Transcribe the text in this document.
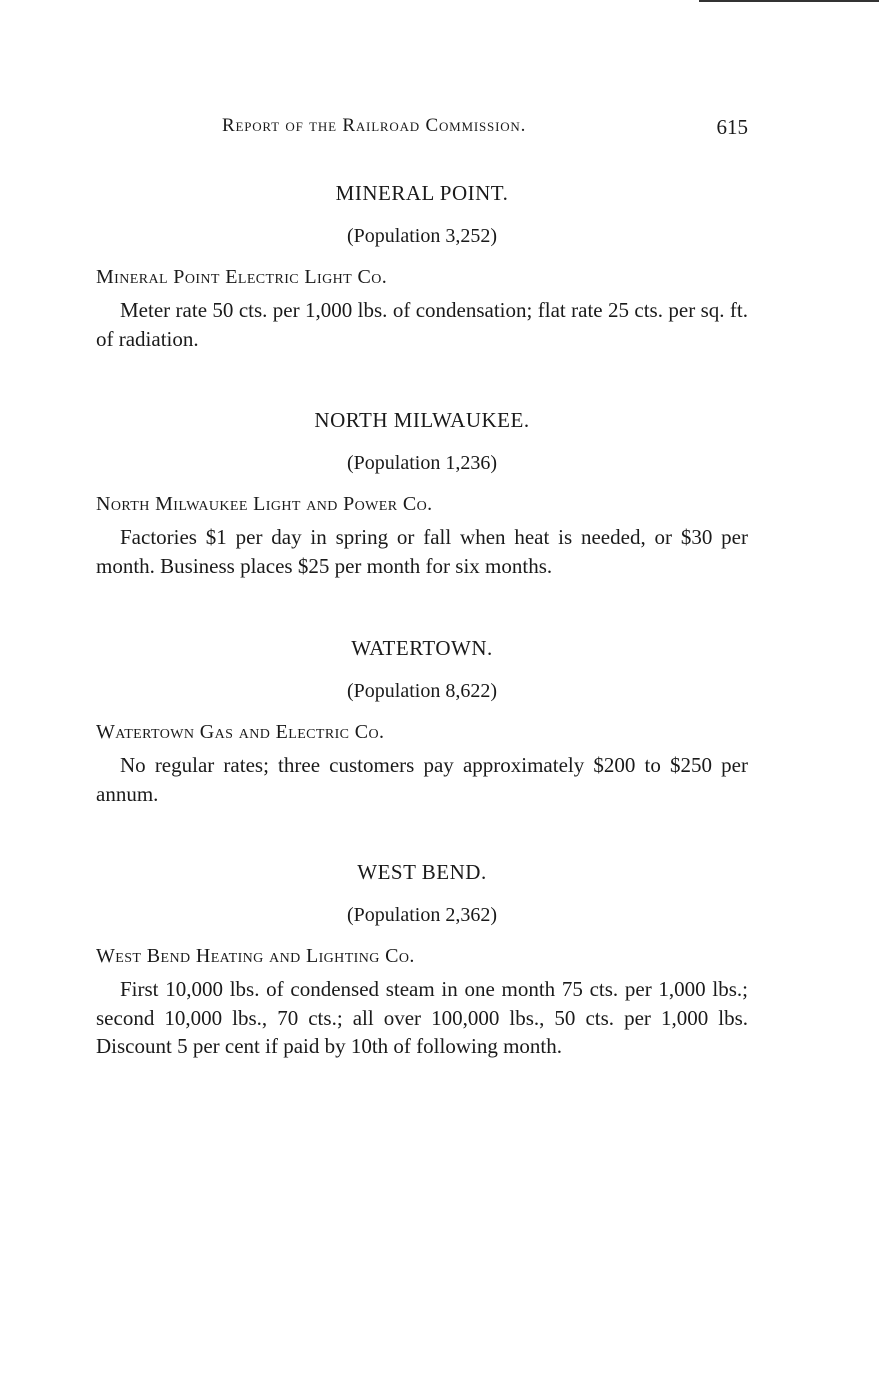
Report of the Railroad Commission.	615
MINERAL POINT.
(Population 3,252)
Mineral Point Electric Light Co.
Meter rate 50 cts. per 1,000 lbs. of condensation; flat rate 25 cts. per sq. ft. of radiation.
NORTH MILWAUKEE.
(Population 1,236)
North Milwaukee Light and Power Co.
Factories $1 per day in spring or fall when heat is needed, or $30 per month. Business places $25 per month for six months.
WATERTOWN.
(Population 8,622)
Watertown Gas and Electric Co.
No regular rates; three customers pay approximately $200 to $250 per annum.
WEST BEND.
(Population 2,362)
West Bend Heating and Lighting Co.
First 10,000 lbs. of condensed steam in one month 75 cts. per 1,000 lbs.; second 10,000 lbs., 70 cts.; all over 100,000 lbs., 50 cts. per 1,000 lbs. Discount 5 per cent if paid by 10th of following month.
